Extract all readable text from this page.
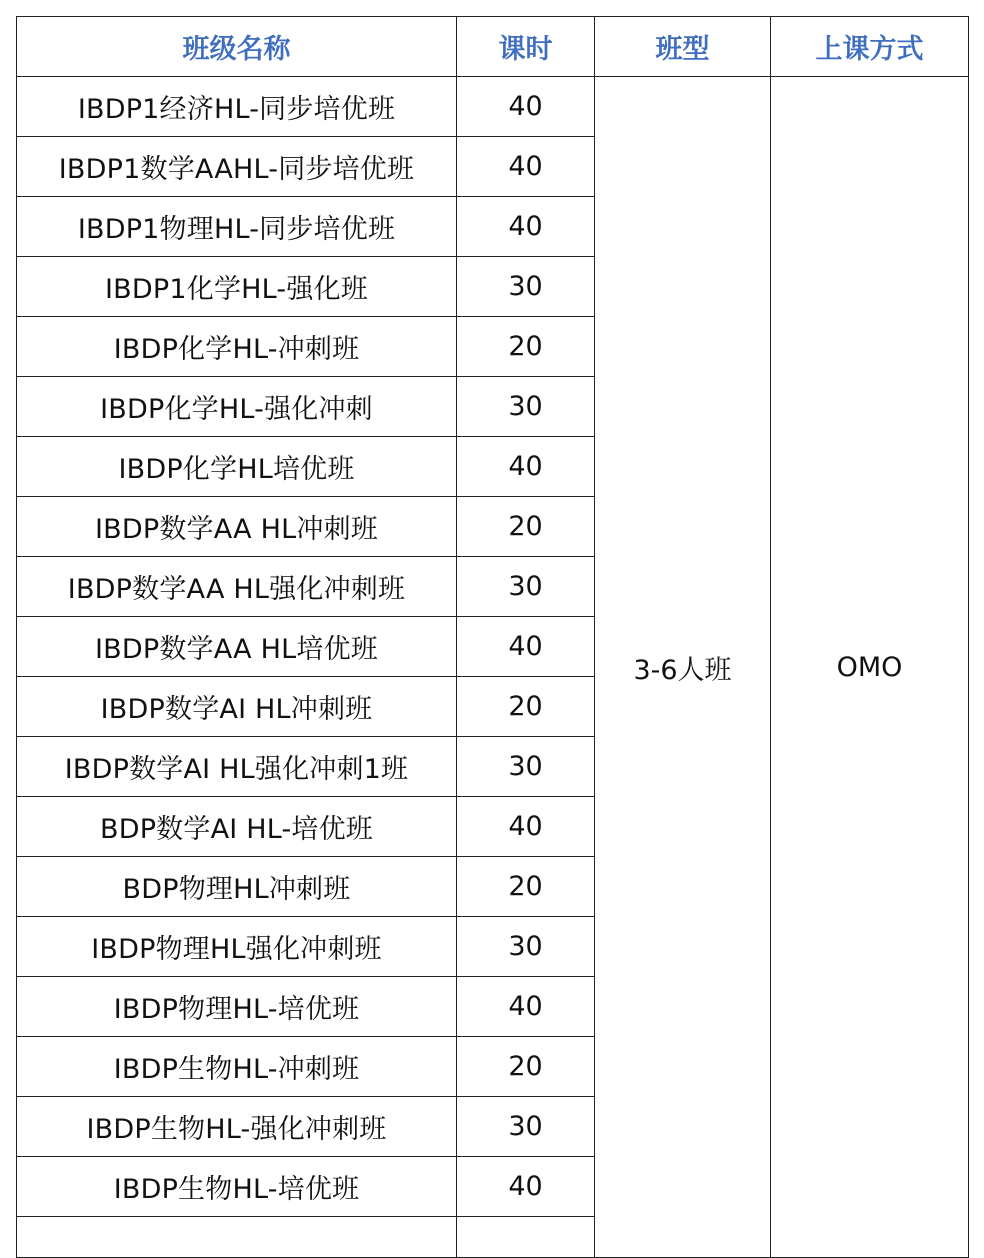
班级名称	课时	班型	上课方式
IBDP1经济HL-同步培优班	40	3-6人班	OMO
IBDP1数学AAHL-同步培优班	40		
IBDP1物理HL-同步培优班	40		
IBDP1化学HL-强化班	30		
IBDP化学HL-冲刺班	20		
IBDP化学HL-强化冲刺	30		
IBDP化学HL培优班	40		
IBDP数学AA HL冲刺班	20		
IBDP数学AA HL强化冲刺班	30		
IBDP数学AA HL培优班	40		
IBDP数学AI HL冲刺班	20		
IBDP数学AI HL强化冲刺1班	30		
BDP数学AI HL-培优班	40		
BDP物理HL冲刺班	20		
IBDP物理HL强化冲刺班	30		
IBDP物理HL-培优班	40		
IBDP生物HL-冲刺班	20		
IBDP生物HL-强化冲刺班	30		
IBDP生物HL-培优班	40		
